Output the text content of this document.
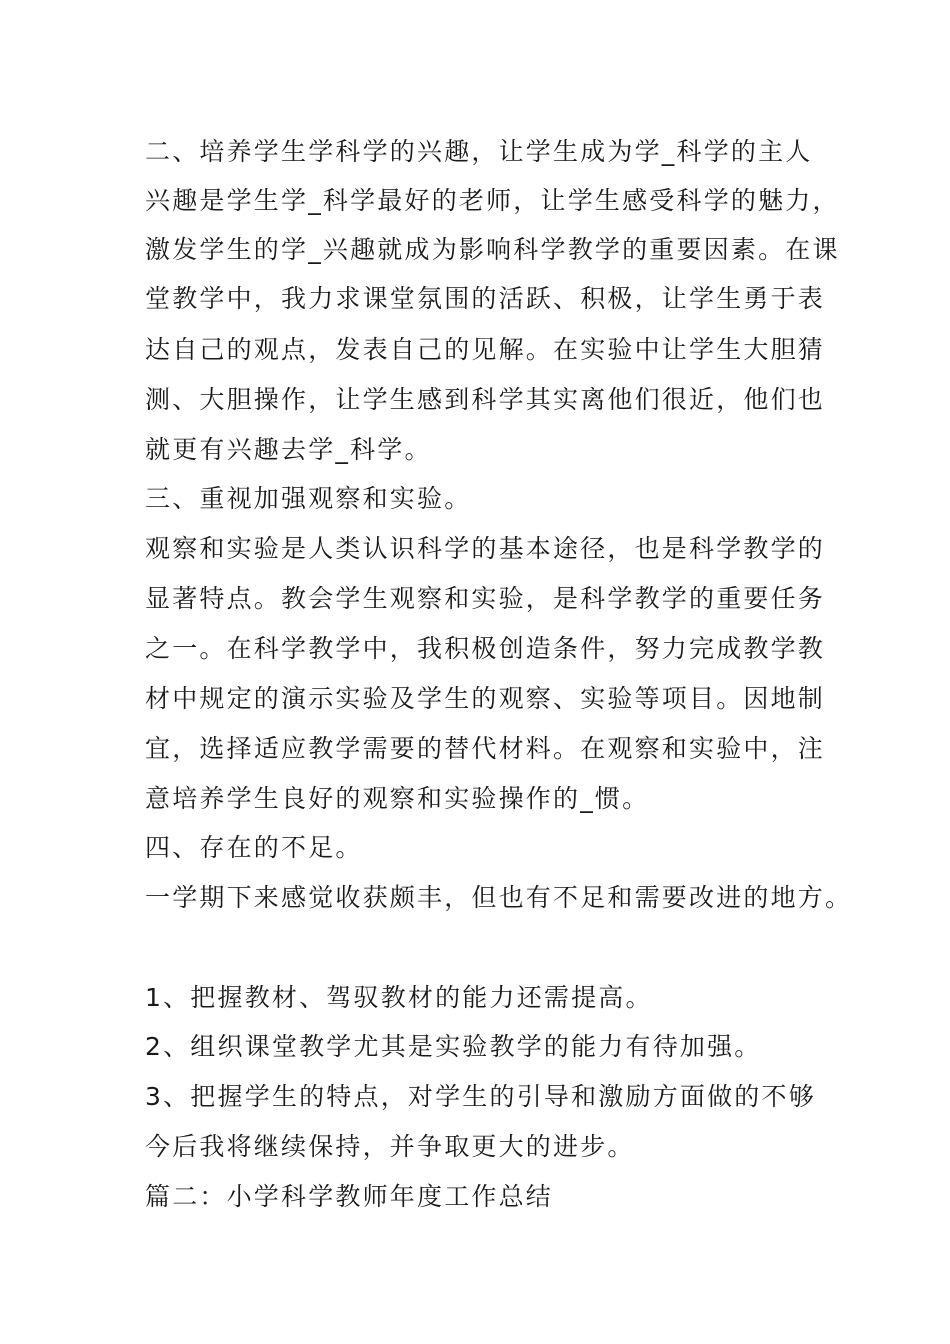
二、培养学生学科学的兴趣，让学生成为学_科学的主人
兴趣是学生学_科学最好的老师，让学生感受科学的魅力，
激发学生的学_兴趣就成为影响科学教学的重要因素。在课
堂教学中，我力求课堂氛围的活跃、积极，让学生勇于表
达自己的观点，发表自己的见解。在实验中让学生大胆猜
测、大胆操作，让学生感到科学其实离他们很近，他们也
就更有兴趣去学_科学。
三、重视加强观察和实验。
观察和实验是人类认识科学的基本途径，也是科学教学的
显著特点。教会学生观察和实验，是科学教学的重要任务
之一。在科学教学中，我积极创造条件，努力完成教学教
材中规定的演示实验及学生的观察、实验等项目。因地制
宜，选择适应教学需要的替代材料。在观察和实验中，注
意培养学生良好的观察和实验操作的_惯。
四、存在的不足。
一学期下来感觉收获颇丰，但也有不足和需要改进的地方。
1、把握教材、驾驭教材的能力还需提高。
2、组织课堂教学尤其是实验教学的能力有待加强。
3、把握学生的特点，对学生的引导和激励方面做的不够
今后我将继续保持，并争取更大的进步。
篇二：小学科学教师年度工作总结
